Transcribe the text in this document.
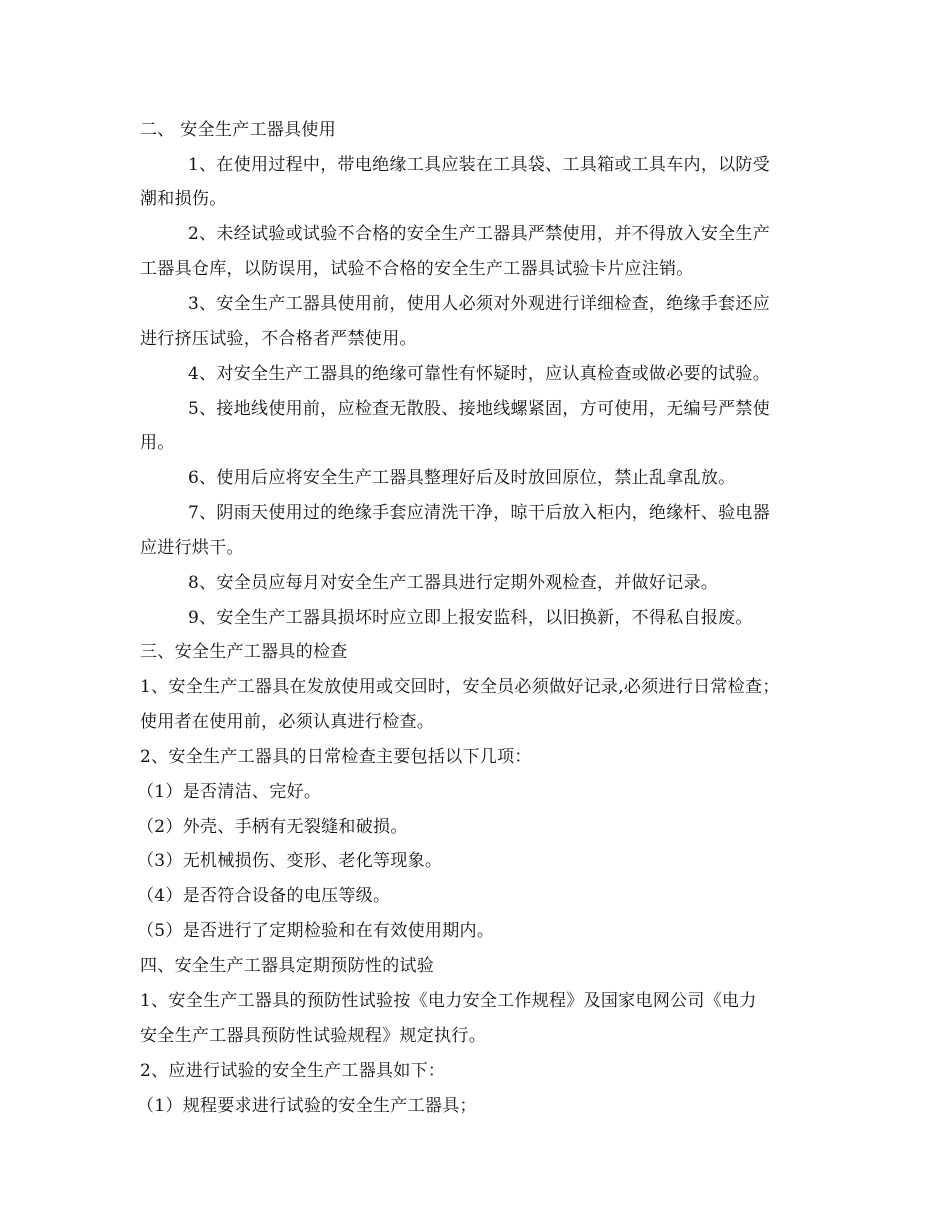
二、 安全生产工器具使用
1、在使用过程中，带电绝缘工具应装在工具袋、工具箱或工具车内，以防受
潮和损伤。
2、未经试验或试验不合格的安全生产工器具严禁使用，并不得放入安全生产
工器具仓库，以防误用，试验不合格的安全生产工器具试验卡片应注销。
3、安全生产工器具使用前，使用人必须对外观进行详细检查，绝缘手套还应
进行挤压试验，不合格者严禁使用。
4、对安全生产工器具的绝缘可靠性有怀疑时，应认真检查或做必要的试验。
5、接地线使用前，应检查无散股、接地线螺紧固，方可使用，无编号严禁使
用。
6、使用后应将安全生产工器具整理好后及时放回原位，禁止乱拿乱放。
7、阴雨天使用过的绝缘手套应清洗干净，晾干后放入柜内，绝缘杆、验电器
应进行烘干。
8、安全员应每月对安全生产工器具进行定期外观检查，并做好记录。
9、安全生产工器具损坏时应立即上报安监科，以旧换新，不得私自报废。
三、安全生产工器具的检查
1、安全生产工器具在发放使用或交回时，安全员必须做好记录,必须进行日常检查；
使用者在使用前，必须认真进行检查。
2、安全生产工器具的日常检查主要包括以下几项：
（1）是否清洁、完好。
（2）外壳、手柄有无裂缝和破损。
（3）无机械损伤、变形、老化等现象。
（4）是否符合设备的电压等级。
（5）是否进行了定期检验和在有效使用期内。
四、安全生产工器具定期预防性的试验
1、安全生产工器具的预防性试验按《电力安全工作规程》及国家电网公司《电力
安全生产工器具预防性试验规程》规定执行。
2、应进行试验的安全生产工器具如下：
（1）规程要求进行试验的安全生产工器具；
